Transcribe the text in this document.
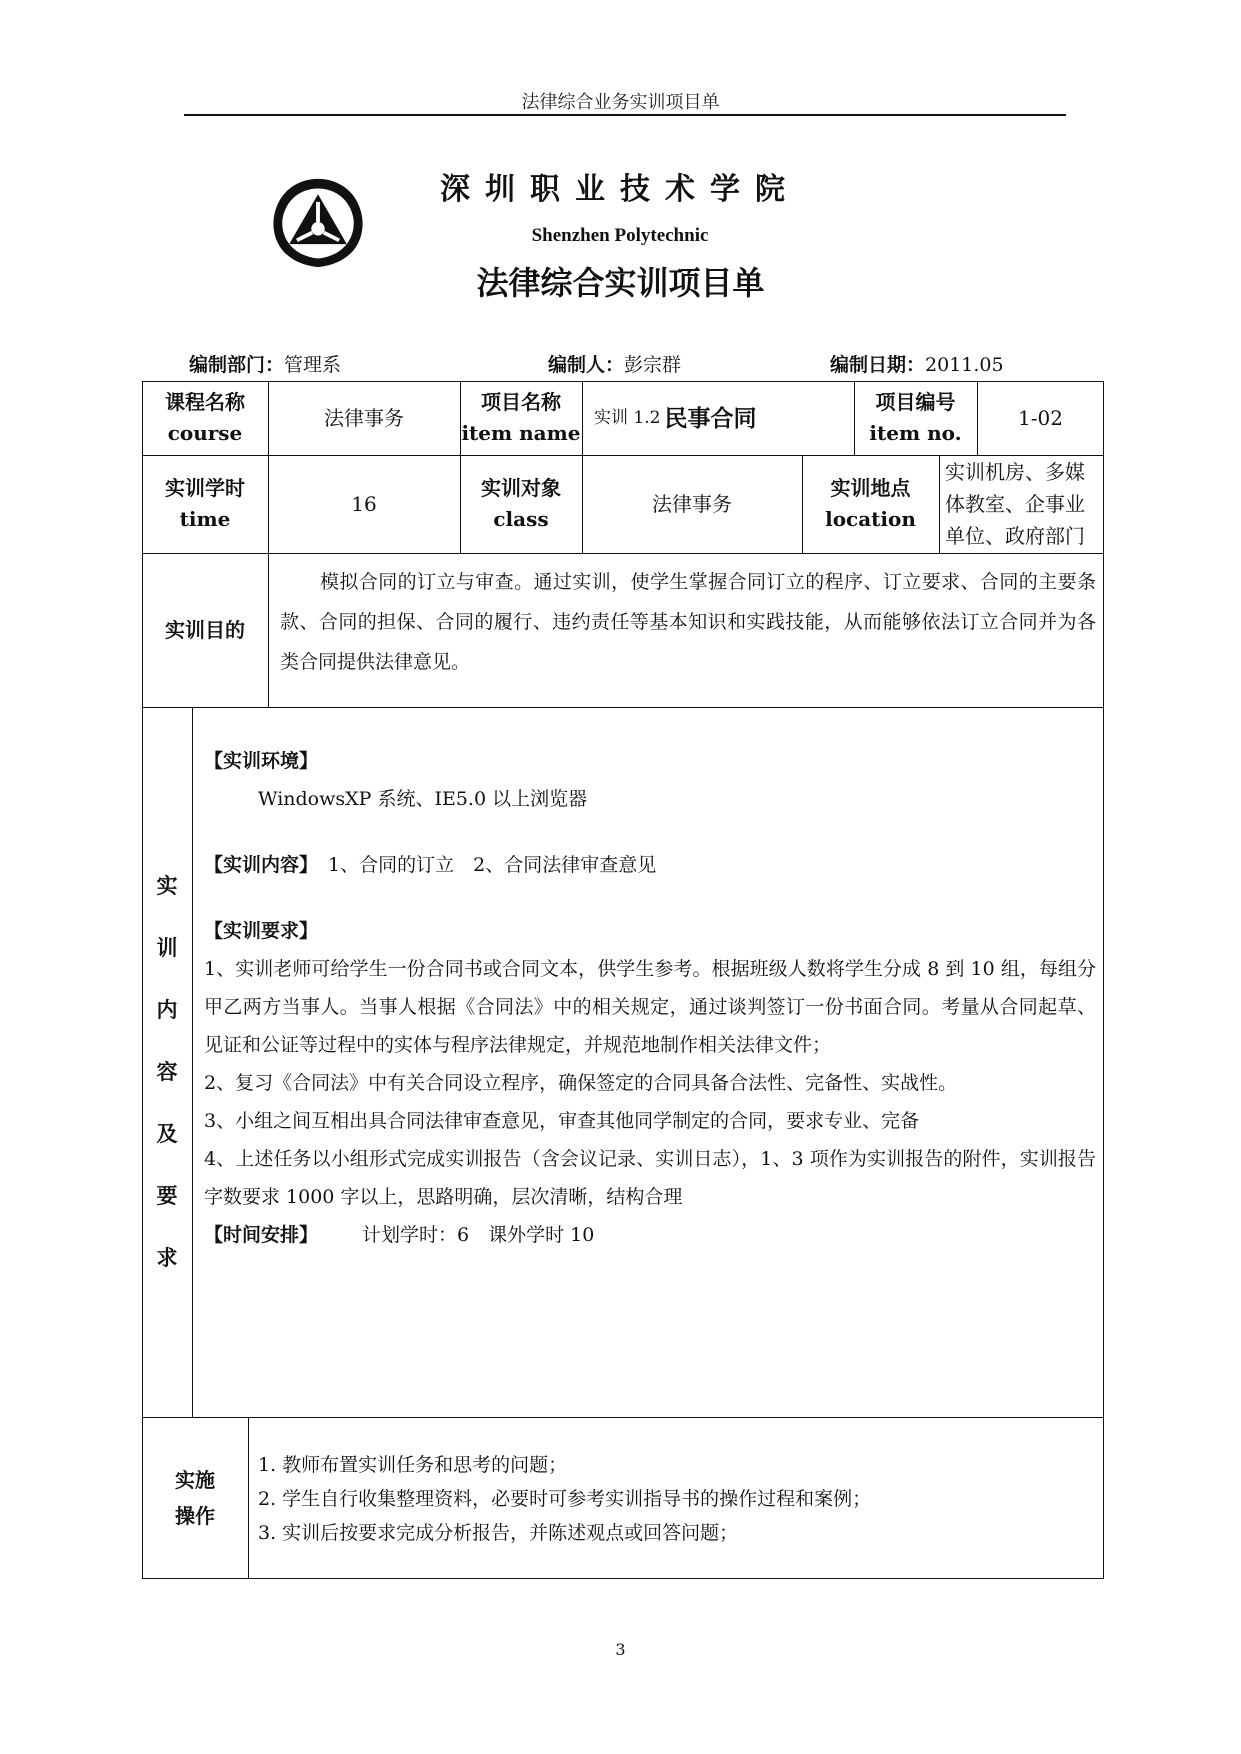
法律综合业务实训项目单
深圳职业技术学院
Shenzhen Polytechnic
法律综合实训项目单
编制部门：管理系	编制人：彭宗群	编制日期：2011.05
课程名称
course
法律事务
项目名称
item name
实训 1.2 民事合同
项目编号
item no.
1-02
实训学时
time
16
实训对象
class
法律事务
实训地点
location
实训机房、多媒体教室、企事业单位、政府部门
实训目的
模拟合同的订立与审查。通过实训，使学生掌握合同订立的程序、订立要求、合同的主要条款、合同的担保、合同的履行、违约责任等基本知识和实践技能，从而能够依法订立合同并为各类合同提供法律意见。
实
训
内
容
及
要
求
【实训环境】
WindowsXP 系统、IE5.0 以上浏览器
【实训内容】 1、合同的订立　2、合同法律审查意见
【实训要求】
1、实训老师可给学生一份合同书或合同文本，供学生参考。根据班级人数将学生分成 8 到 10 组，每组分甲乙两方当事人。当事人根据《合同法》中的相关规定，通过谈判签订一份书面合同。考量从合同起草、见证和公证等过程中的实体与程序法律规定，并规范地制作相关法律文件；
2、复习《合同法》中有关合同设立程序，确保签定的合同具备合法性、完备性、实战性。
3、小组之间互相出具合同法律审查意见，审查其他同学制定的合同，要求专业、完备
4、上述任务以小组形式完成实训报告（含会议记录、实训日志），1、3 项作为实训报告的附件，实训报告字数要求 1000 字以上，思路明确，层次清晰，结构合理
【时间安排】 计划学时：6　课外学时 10
实施
操作
1. 教师布置实训任务和思考的问题；
2. 学生自行收集整理资料，必要时可参考实训指导书的操作过程和案例；
3. 实训后按要求完成分析报告，并陈述观点或回答问题；
3
